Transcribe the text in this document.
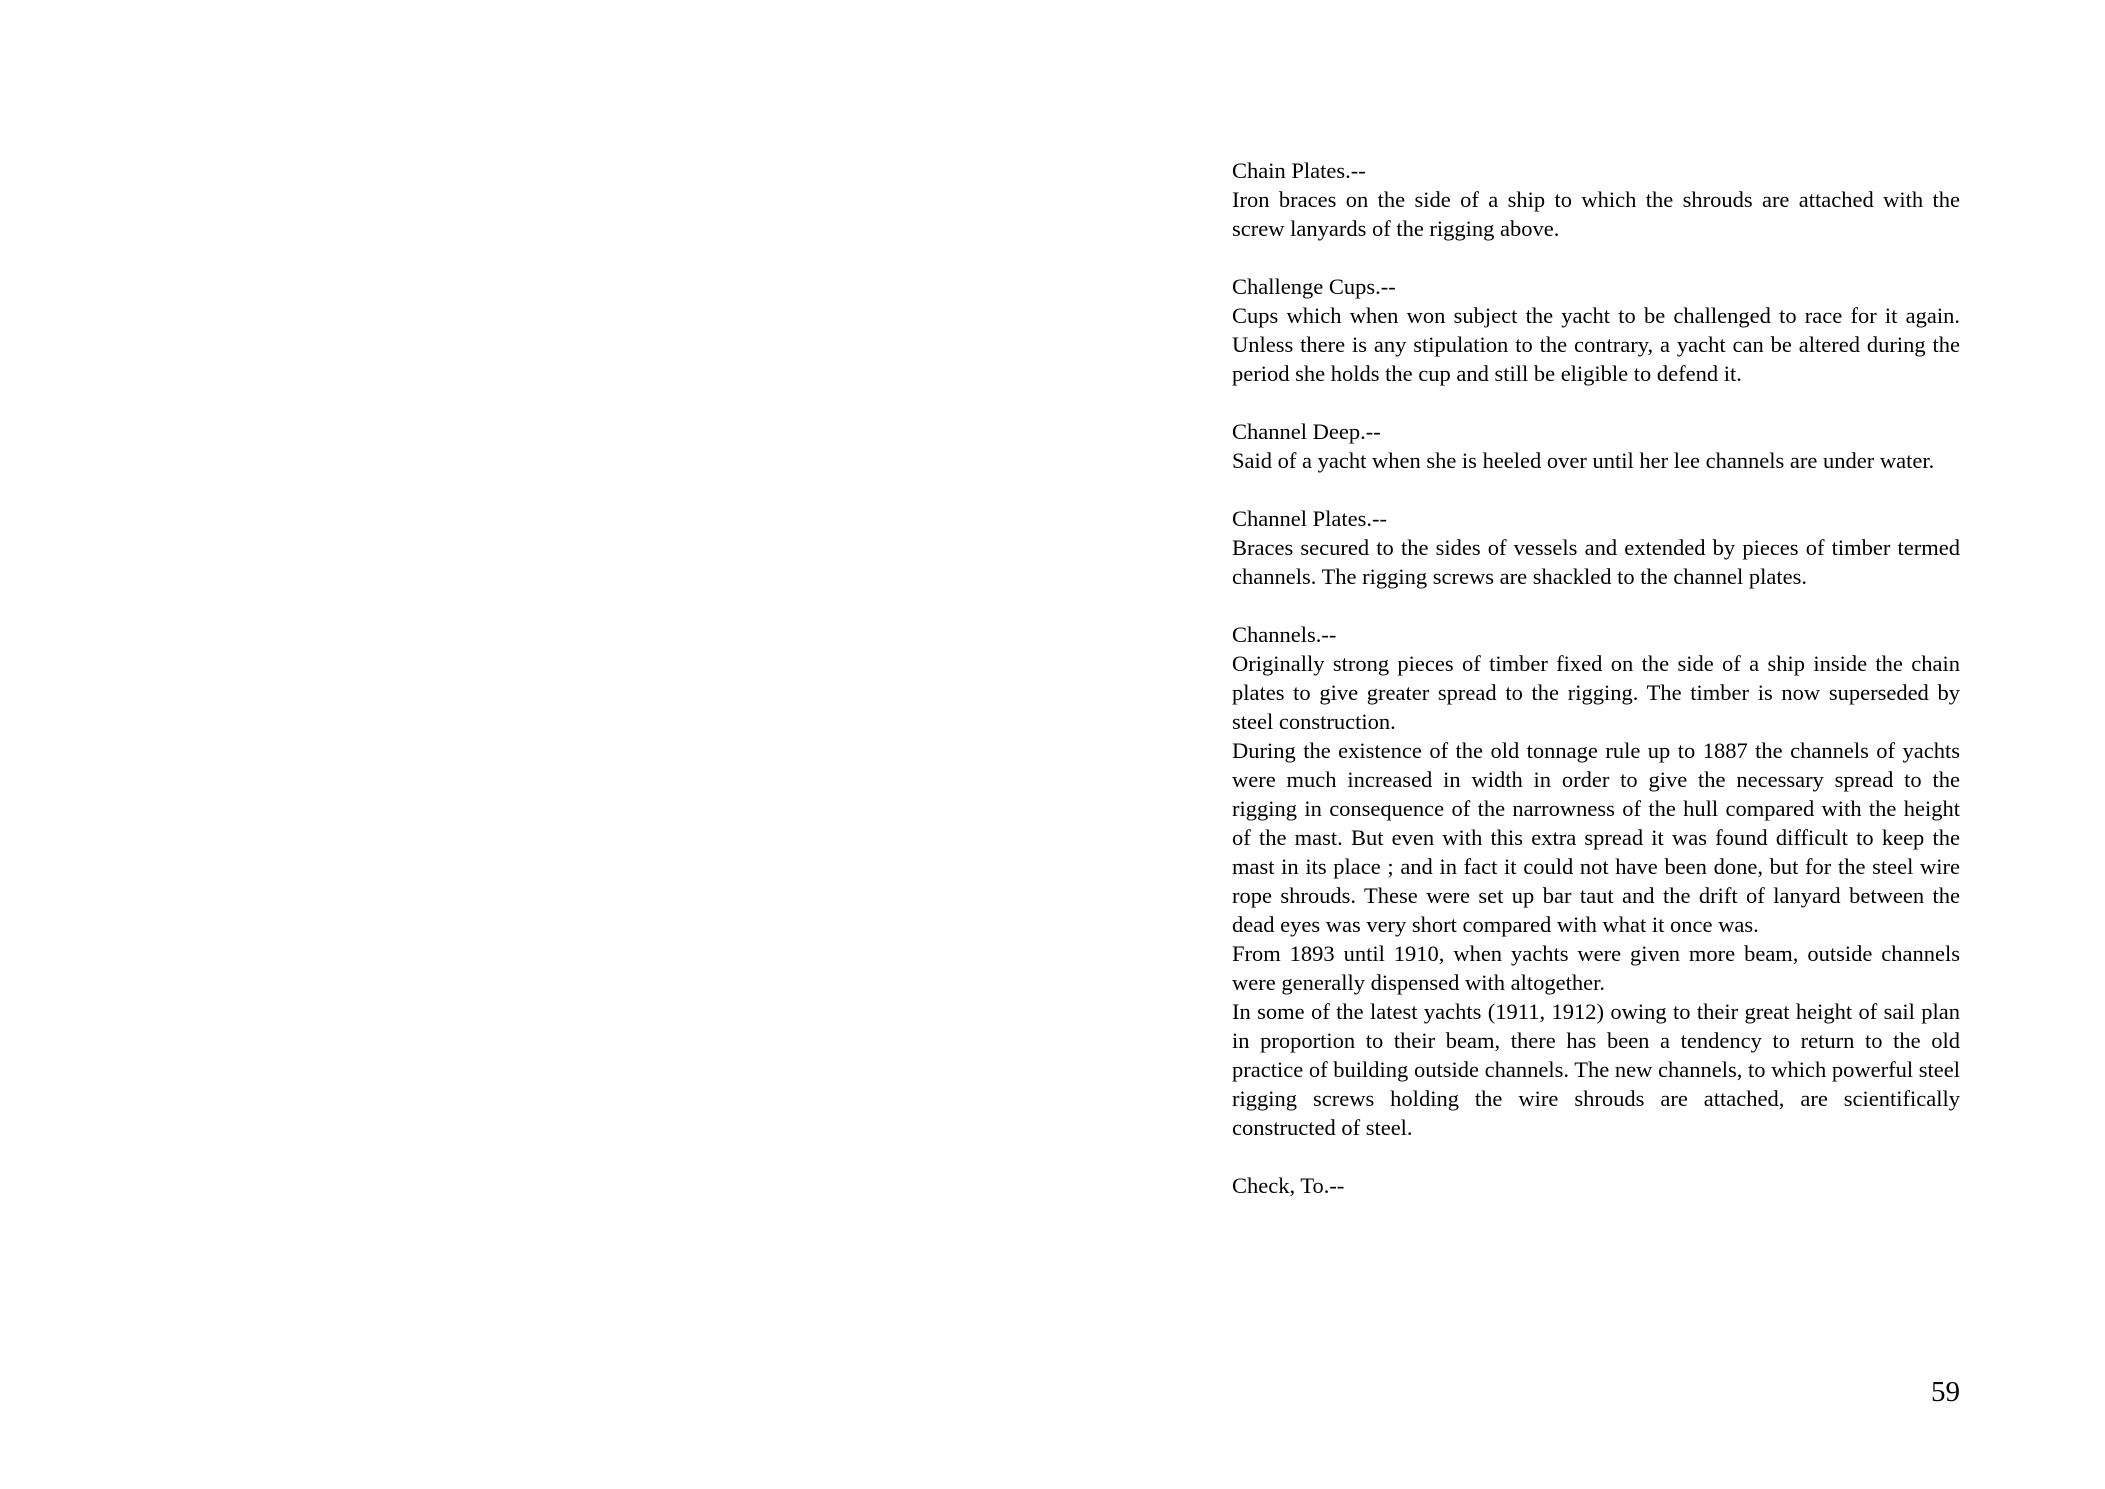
Chain Plates.--

Iron braces on the side of a ship to which the shrouds are attached with the screw lanyards of the rigging above.

Challenge Cups.--

Cups which when won subject the yacht to be challenged to race for it again. Unless there is any stipulation to the contrary, a yacht can be altered during the period she holds the cup and still be eligible to defend it.

Channel Deep.--

Said of a yacht when she is heeled over until her lee channels are under water.

Channel Plates.--

Braces secured to the sides of vessels and extended by pieces of timber termed channels. The rigging screws are shackled to the channel plates.

Channels.--

Originally strong pieces of timber fixed on the side of a ship inside the chain plates to give greater spread to the rigging. The timber is now superseded by steel construction.

During the existence of the old tonnage rule up to 1887 the channels of yachts were much increased in width in order to give the necessary spread to the rigging in consequence of the narrowness of the hull compared with the height of the mast. But even with this extra spread it was found difficult to keep the mast in its place ; and in fact it could not have been done, but for the steel wire rope shrouds. These were set up bar taut and the drift of lanyard between the dead eyes was very short compared with what it once was.

From 1893 until 1910, when yachts were given more beam, outside channels were generally dispensed with altogether.

In some of the latest yachts (1911, 1912) owing to their great height of sail plan in proportion to their beam, there has been a tendency to return to the old practice of building outside channels. The new channels, to which powerful steel rigging screws holding the wire shrouds are attached, are scientifically constructed of steel.

Check, To.--
59
